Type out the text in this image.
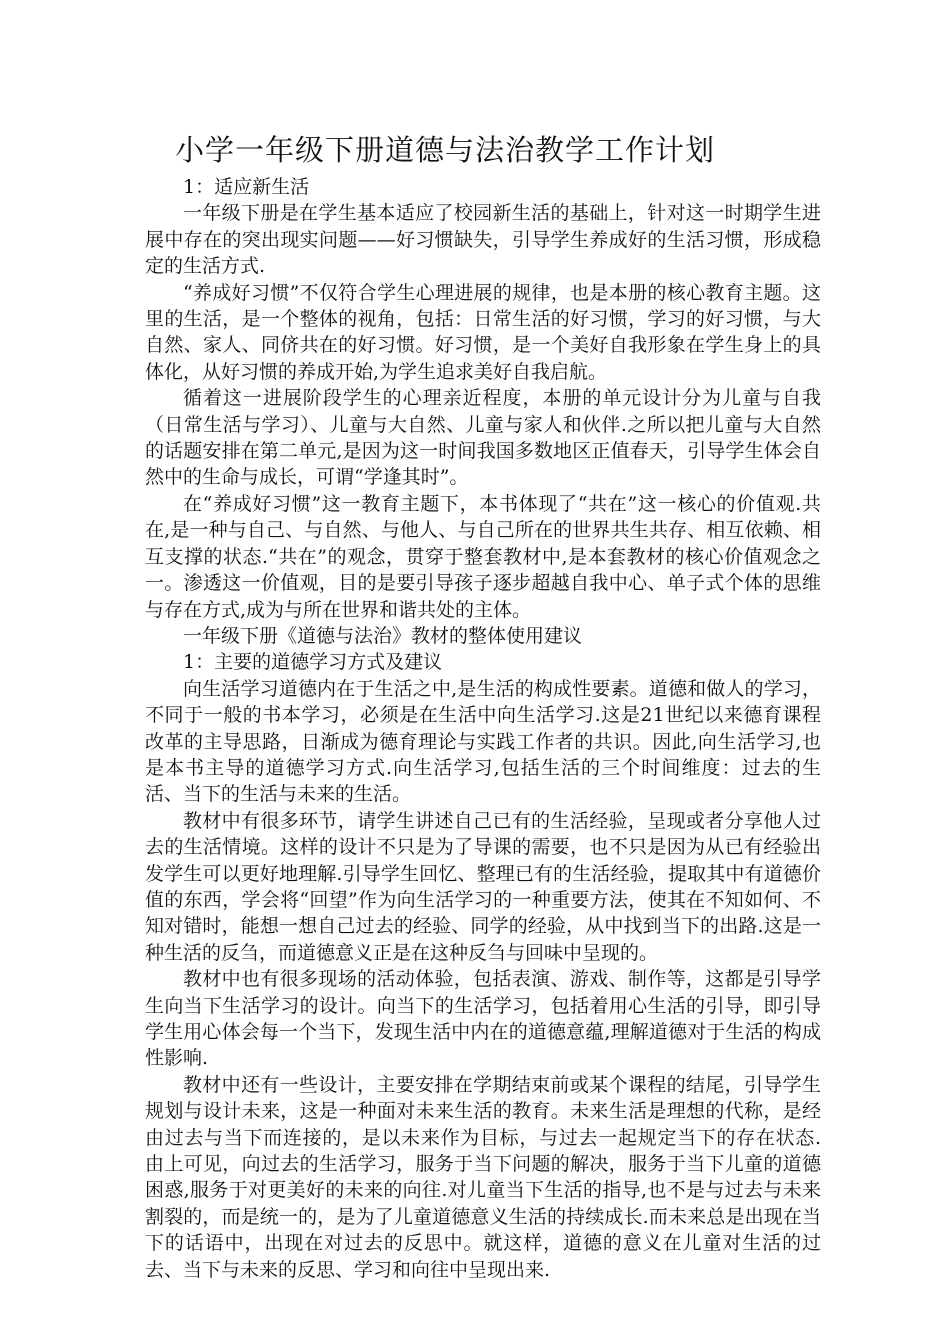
小学一年级下册道德与法治教学工作计划

1：适应新生活

一年级下册是在学生基本适应了校园新生活的基础上，针对这一时期学生进展中存在的突出现实问题——好习惯缺失，引导学生养成好的生活习惯，形成稳定的生活方式.

“养成好习惯”不仅符合学生心理进展的规律，也是本册的核心教育主题。这里的生活，是一个整体的视角，包括：日常生活的好习惯，学习的好习惯，与大自然、家人、同侪共在的好习惯。好习惯，是一个美好自我形象在学生身上的具体化，从好习惯的养成开始,为学生追求美好自我启航。

循着这一进展阶段学生的心理亲近程度，本册的单元设计分为儿童与自我（日常生活与学习）、儿童与大自然、儿童与家人和伙伴.之所以把儿童与大自然的话题安排在第二单元,是因为这一时间我国多数地区正值春天，引导学生体会自然中的生命与成长，可谓“学逢其时”。

在“养成好习惯”这一教育主题下，本书体现了“共在”这一核心的价值观.共在,是一种与自己、与自然、与他人、与自己所在的世界共生共存、相互依赖、相互支撑的状态.“共在”的观念，贯穿于整套教材中,是本套教材的核心价值观念之一。渗透这一价值观，目的是要引导孩子逐步超越自我中心、单子式个体的思维与存在方式,成为与所在世界和谐共处的主体。

一年级下册《道德与法治》教材的整体使用建议

1：主要的道德学习方式及建议

向生活学习道德内在于生活之中,是生活的构成性要素。道德和做人的学习，不同于一般的书本学习，必须是在生活中向生活学习.这是21世纪以来德育课程改革的主导思路，日渐成为德育理论与实践工作者的共识。因此,向生活学习,也是本书主导的道德学习方式.向生活学习,包括生活的三个时间维度：过去的生活、当下的生活与未来的生活。

教材中有很多环节，请学生讲述自己已有的生活经验，呈现或者分享他人过去的生活情境。这样的设计不只是为了导课的需要，也不只是因为从已有经验出发学生可以更好地理解.引导学生回忆、整理已有的生活经验，提取其中有道德价值的东西，学会将“回望”作为向生活学习的一种重要方法，使其在不知如何、不知对错时，能想一想自己过去的经验、同学的经验，从中找到当下的出路.这是一种生活的反刍，而道德意义正是在这种反刍与回味中呈现的。

教材中也有很多现场的活动体验，包括表演、游戏、制作等，这都是引导学生向当下生活学习的设计。向当下的生活学习，包括着用心生活的引导，即引导学生用心体会每一个当下，发现生活中内在的道德意蕴,理解道德对于生活的构成性影响.

教材中还有一些设计，主要安排在学期结束前或某个课程的结尾，引导学生规划与设计未来，这是一种面对未来生活的教育。未来生活是理想的代称，是经由过去与当下而连接的，是以未来作为目标，与过去一起规定当下的存在状态.　　　由上可见，向过去的生活学习，服务于当下问题的解决，服务于当下儿童的道德困惑,服务于对更美好的未来的向往.对儿童当下生活的指导,也不是与过去与未来割裂的，而是统一的，是为了儿童道德意义生活的持续成长.而未来总是出现在当下的话语中，出现在对过去的反思中。就这样，道德的意义在儿童对生活的过去、当下与未来的反思、学习和向往中呈现出来.
